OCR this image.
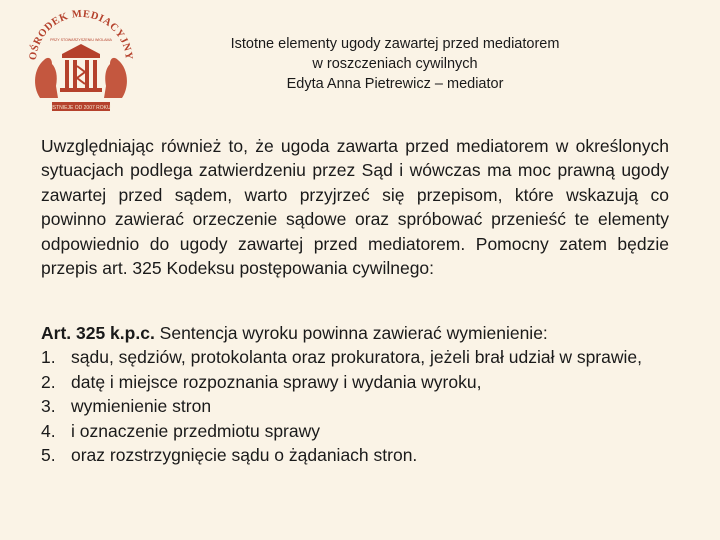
OŚRODEK MEDIACYJNY
ISTNIEJE OD 2007 ROKU
PRZY STOWARZYSZENIU WIOLAMA	Istotne elementy ugody zawartej przed mediatorem
w roszczeniach cywilnych
Edyta Anna Pietrewicz – mediator
Uwzględniając również to, że ugoda zawarta przed mediatorem w określonych sytuacjach podlega zatwierdzeniu przez Sąd i wówczas ma moc prawną ugody zawartej przed sądem, warto przyjrzeć się przepisom, które wskazują co powinno zawierać orzeczenie sądowe oraz spróbować przenieść te elementy odpowiednio do ugody zawartej przed mediatorem. Pomocny zatem będzie przepis art. 325 Kodeksu postępowania cywilnego:
Art. 325 k.p.c. Sentencja wyroku powinna zawierać wymienienie:
1. sądu, sędziów, protokolanta oraz prokuratora, jeżeli brał udział w sprawie,
2. datę i miejsce rozpoznania sprawy i wydania wyroku,
3. wymienienie stron
4. i oznaczenie przedmiotu sprawy
5. oraz rozstrzygnięcie sądu o żądaniach stron.
